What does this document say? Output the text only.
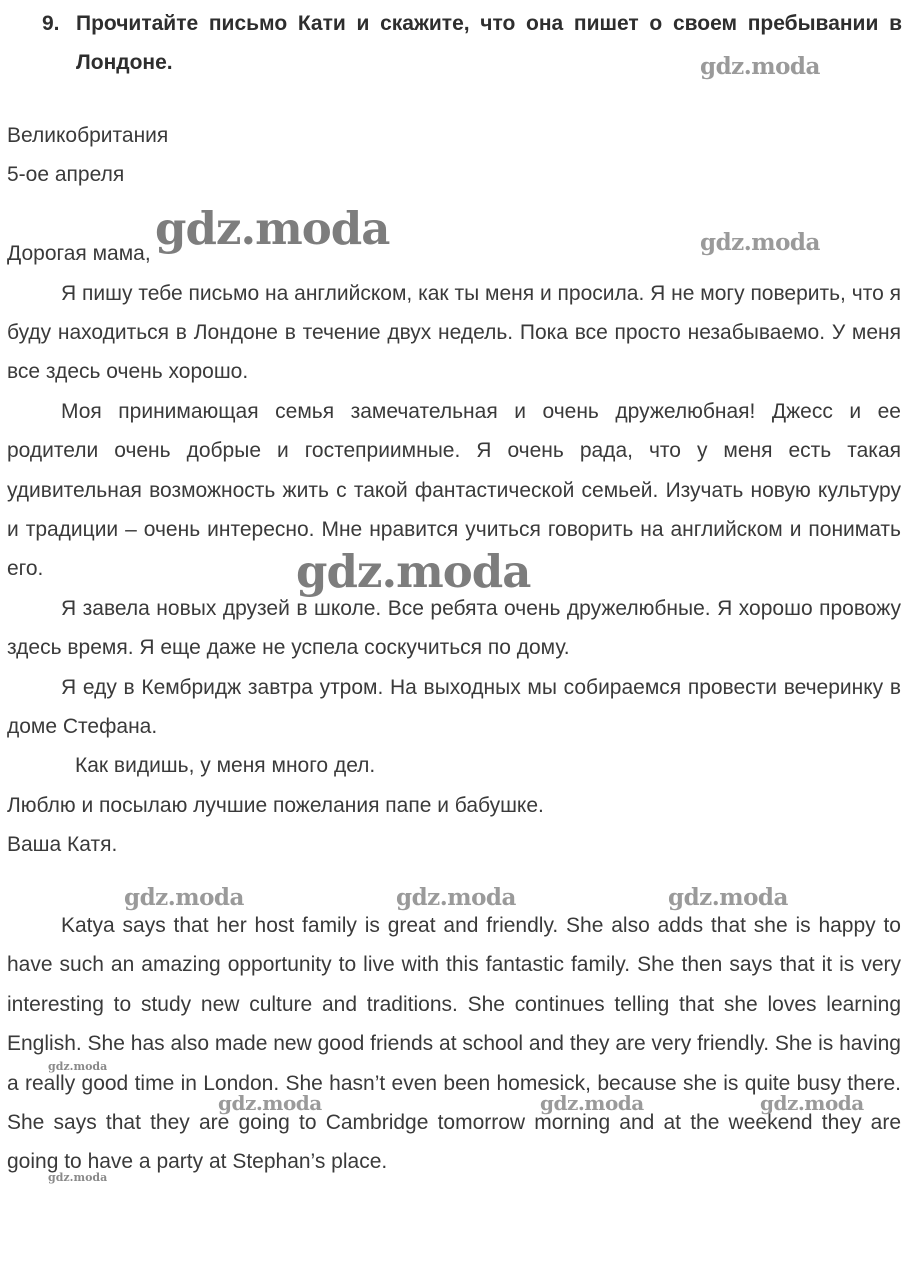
9. Прочитайте письмо Кати и скажите, что она пишет о своем пребывании в Лондоне.
Великобритания
5-ое апреля
Дорогая мама,
Я пишу тебе письмо на английском, как ты меня и просила. Я не могу поверить, что я буду находиться в Лондоне в течение двух недель. Пока все просто незабываемо. У меня все здесь очень хорошо.
Моя принимающая семья замечательная и очень дружелюбная! Джесс и ее родители очень добрые и гостеприимные. Я очень рада, что у меня есть такая удивительная возможность жить с такой фантастической семьей. Изучать новую культуру и традиции – очень интересно. Мне нравится учиться говорить на английском и понимать его.
Я завела новых друзей в школе. Все ребята очень дружелюбные. Я хорошо провожу здесь время. Я еще даже не успела соскучиться по дому.
Я еду в Кембридж завтра утром. На выходных мы собираемся провести вечеринку в доме Стефана.
Как видишь, у меня много дел.
Люблю и посылаю лучшие пожелания папе и бабушке.
Ваша Катя.
Katya says that her host family is great and friendly. She also adds that she is happy to have such an amazing opportunity to live with this fantastic family. She then says that it is very interesting to study new culture and traditions. She continues telling that she loves learning English. She has also made new good friends at school and they are very friendly. She is having a really good time in London. She hasn’t even been homesick, because she is quite busy there. She says that they are going to Cambridge tomorrow morning and at the weekend they are going to have a party at Stephan’s place.
gdz.moda
gdz.moda	gdz.moda
gdz.moda
gdz.moda	gdz.moda	gdz.moda
gdz.moda
gdz.moda	gdz.moda	gdz.moda
gdz.moda
